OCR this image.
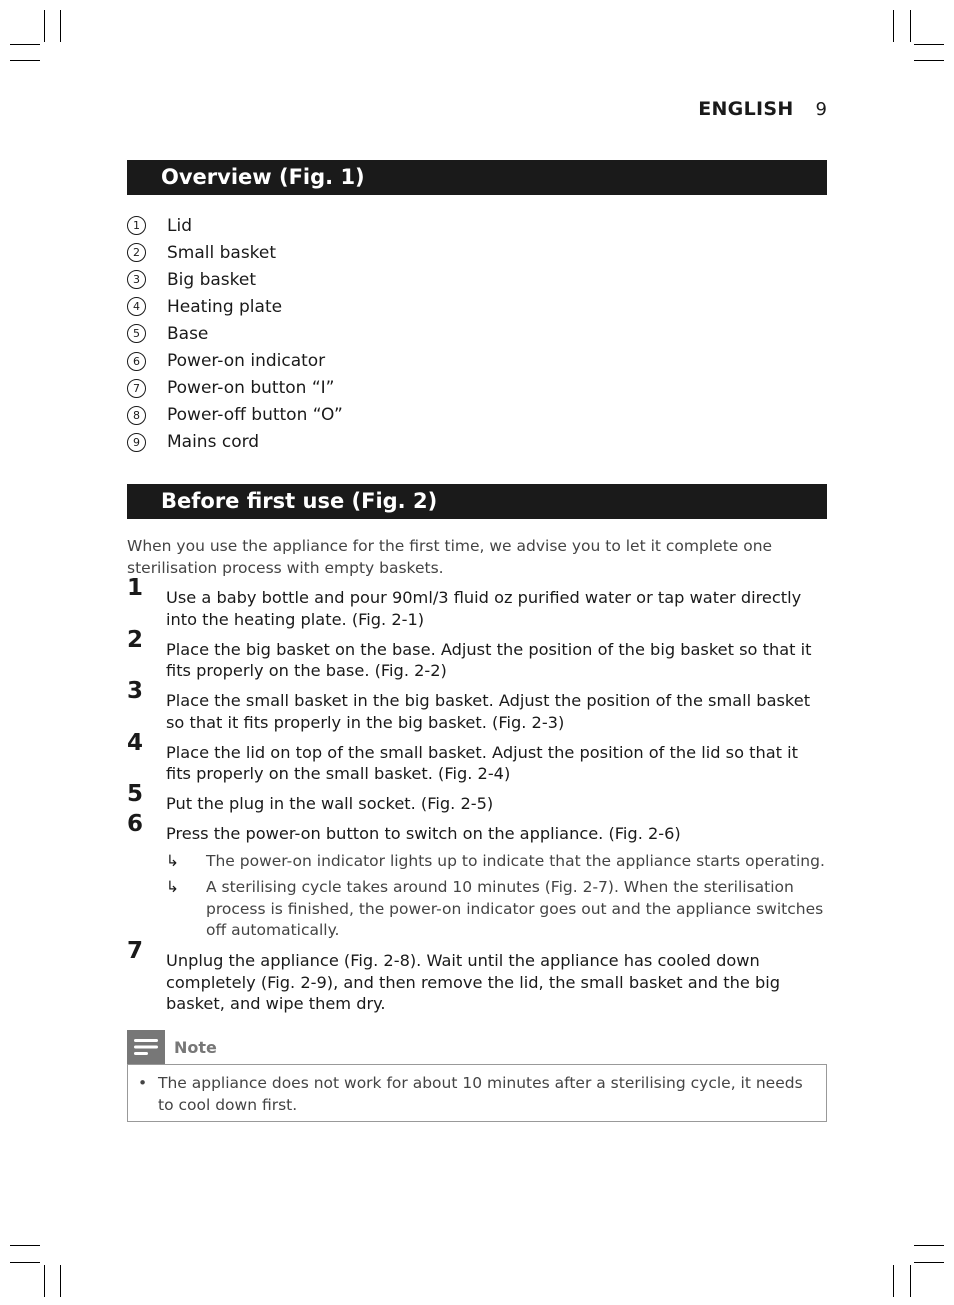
ENGLISH 9
Overview (Fig. 1)
1	Lid
2	Small basket
3	Big basket
4	Heating plate
5	Base
6	Power-on indicator
7	Power-on button “I”
8	Power-off button “O”
9	Mains cord
Before first use (Fig. 2)
When you use the appliance for the first time, we advise you to let it complete one sterilisation process with empty baskets.
1 Use a baby bottle and pour 90ml/3 fluid oz purified water or tap water directly into the heating plate. (Fig. 2-1)
2 Place the big basket on the base. Adjust the position of the big basket so that it fits properly on the base. (Fig. 2-2)
3 Place the small basket in the big basket. Adjust the position of the small basket so that it fits properly in the big basket. (Fig. 2-3)
4 Place the lid on top of the small basket. Adjust the position of the lid so that it fits properly on the small basket. (Fig. 2-4)
5 Put the plug in the wall socket. (Fig. 2-5)
6 Press the power-on button to switch on the appliance. (Fig. 2-6)
↳ The power-on indicator lights up to indicate that the appliance starts operating.
↳ A sterilising cycle takes around 10 minutes (Fig. 2-7). When the sterilisation process is finished, the power-on indicator goes out and the appliance switches off automatically.
7 Unplug the appliance (Fig. 2-8). Wait until the appliance has cooled down completely (Fig. 2-9), and then remove the lid, the small basket and the big basket, and wipe them dry.
Note
• The appliance does not work for about 10 minutes after a sterilising cycle, it needs to cool down first.
